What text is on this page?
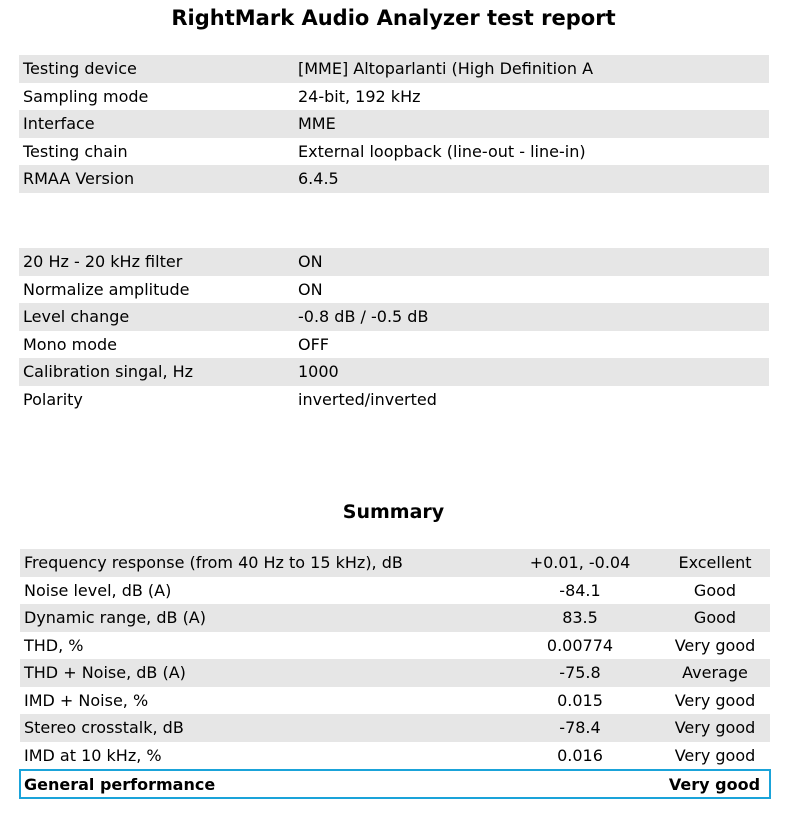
RightMark Audio Analyzer test report
Testing device	[MME] Altoparlanti (High Definition A
Sampling mode	24-bit, 192 kHz
Interface	MME
Testing chain	External loopback (line-out - line-in)
RMAA Version	6.4.5
20 Hz - 20 kHz filter	ON
Normalize amplitude	ON
Level change	-0.8 dB / -0.5 dB
Mono mode	OFF
Calibration singal, Hz	1000
Polarity	inverted/inverted
Summary
Frequency response (from 40 Hz to 15 kHz), dB	+0.01, -0.04	Excellent
Noise level, dB (A)	-84.1	Good
Dynamic range, dB (A)	83.5	Good
THD, %	0.00774	Very good
THD + Noise, dB (A)	-75.8	Average
IMD + Noise, %	0.015	Very good
Stereo crosstalk, dB	-78.4	Very good
IMD at 10 kHz, %	0.016	Very good
General performance		Very good
